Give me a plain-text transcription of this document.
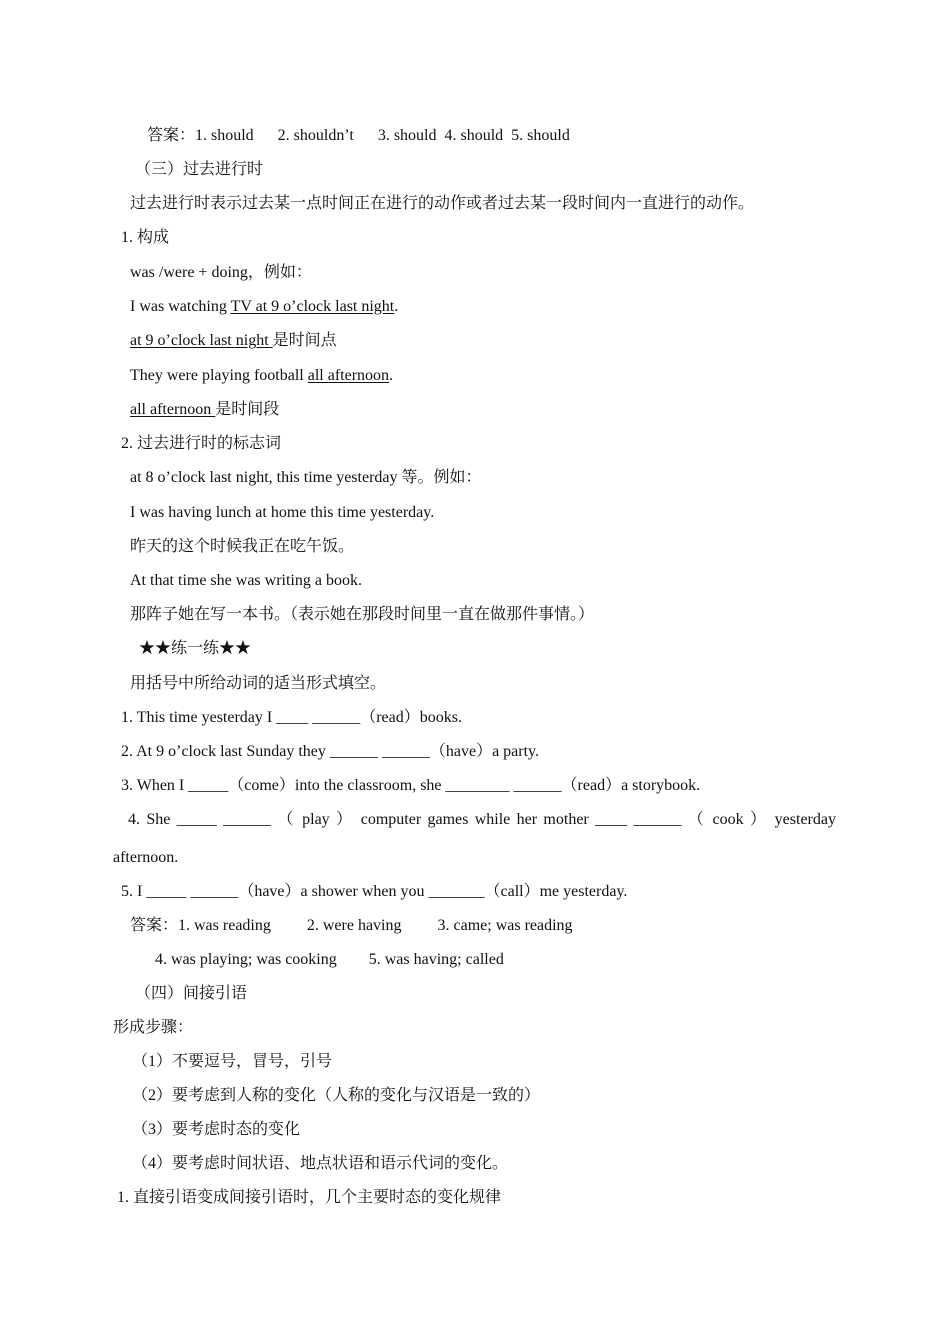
答案：1. should      2. shouldn’t      3. should  4. should  5. should

（三）过去进行时

过去进行时表示过去某一点时间正在进行的动作或者过去某一段时间内一直进行的动作。

1. 构成

was /were + doing，例如：

I was watching TV at 9 o’clock last night.

at 9 o’clock last night 是时间点

They were playing football all afternoon.

all afternoon 是时间段

2. 过去进行时的标志词

at 8 o’clock last night, this time yesterday 等。例如：

I was having lunch at home this time yesterday.

昨天的这个时候我正在吃午饭。

At that time she was writing a book.

那阵子她在写一本书。（表示她在那段时间里一直在做那件事情。）

★★练一练★★

用括号中所给动词的适当形式填空。

1. This time yesterday I ____ ______（read）books.

2. At 9 o’clock last Sunday they ______ ______（have）a party.

3. When I _____（come）into the classroom, she ________ ______（read）a storybook.

4. She _____ ______ （ play ） computer games while her mother ____ ______ （ cook ） yesterday

afternoon.

5. I _____ ______（have）a shower when you _______（call）me yesterday.

答案：1. was reading         2. were having         3. came; was reading

4. was playing; was cooking        5. was having; called

（四）间接引语

形成步骤：

（1）不要逗号，冒号，引号

（2）要考虑到人称的变化（人称的变化与汉语是一致的）

（3）要考虑时态的变化

（4）要考虑时间状语、地点状语和语示代词的变化。

1. 直接引语变成间接引语时，几个主要时态的变化规律
